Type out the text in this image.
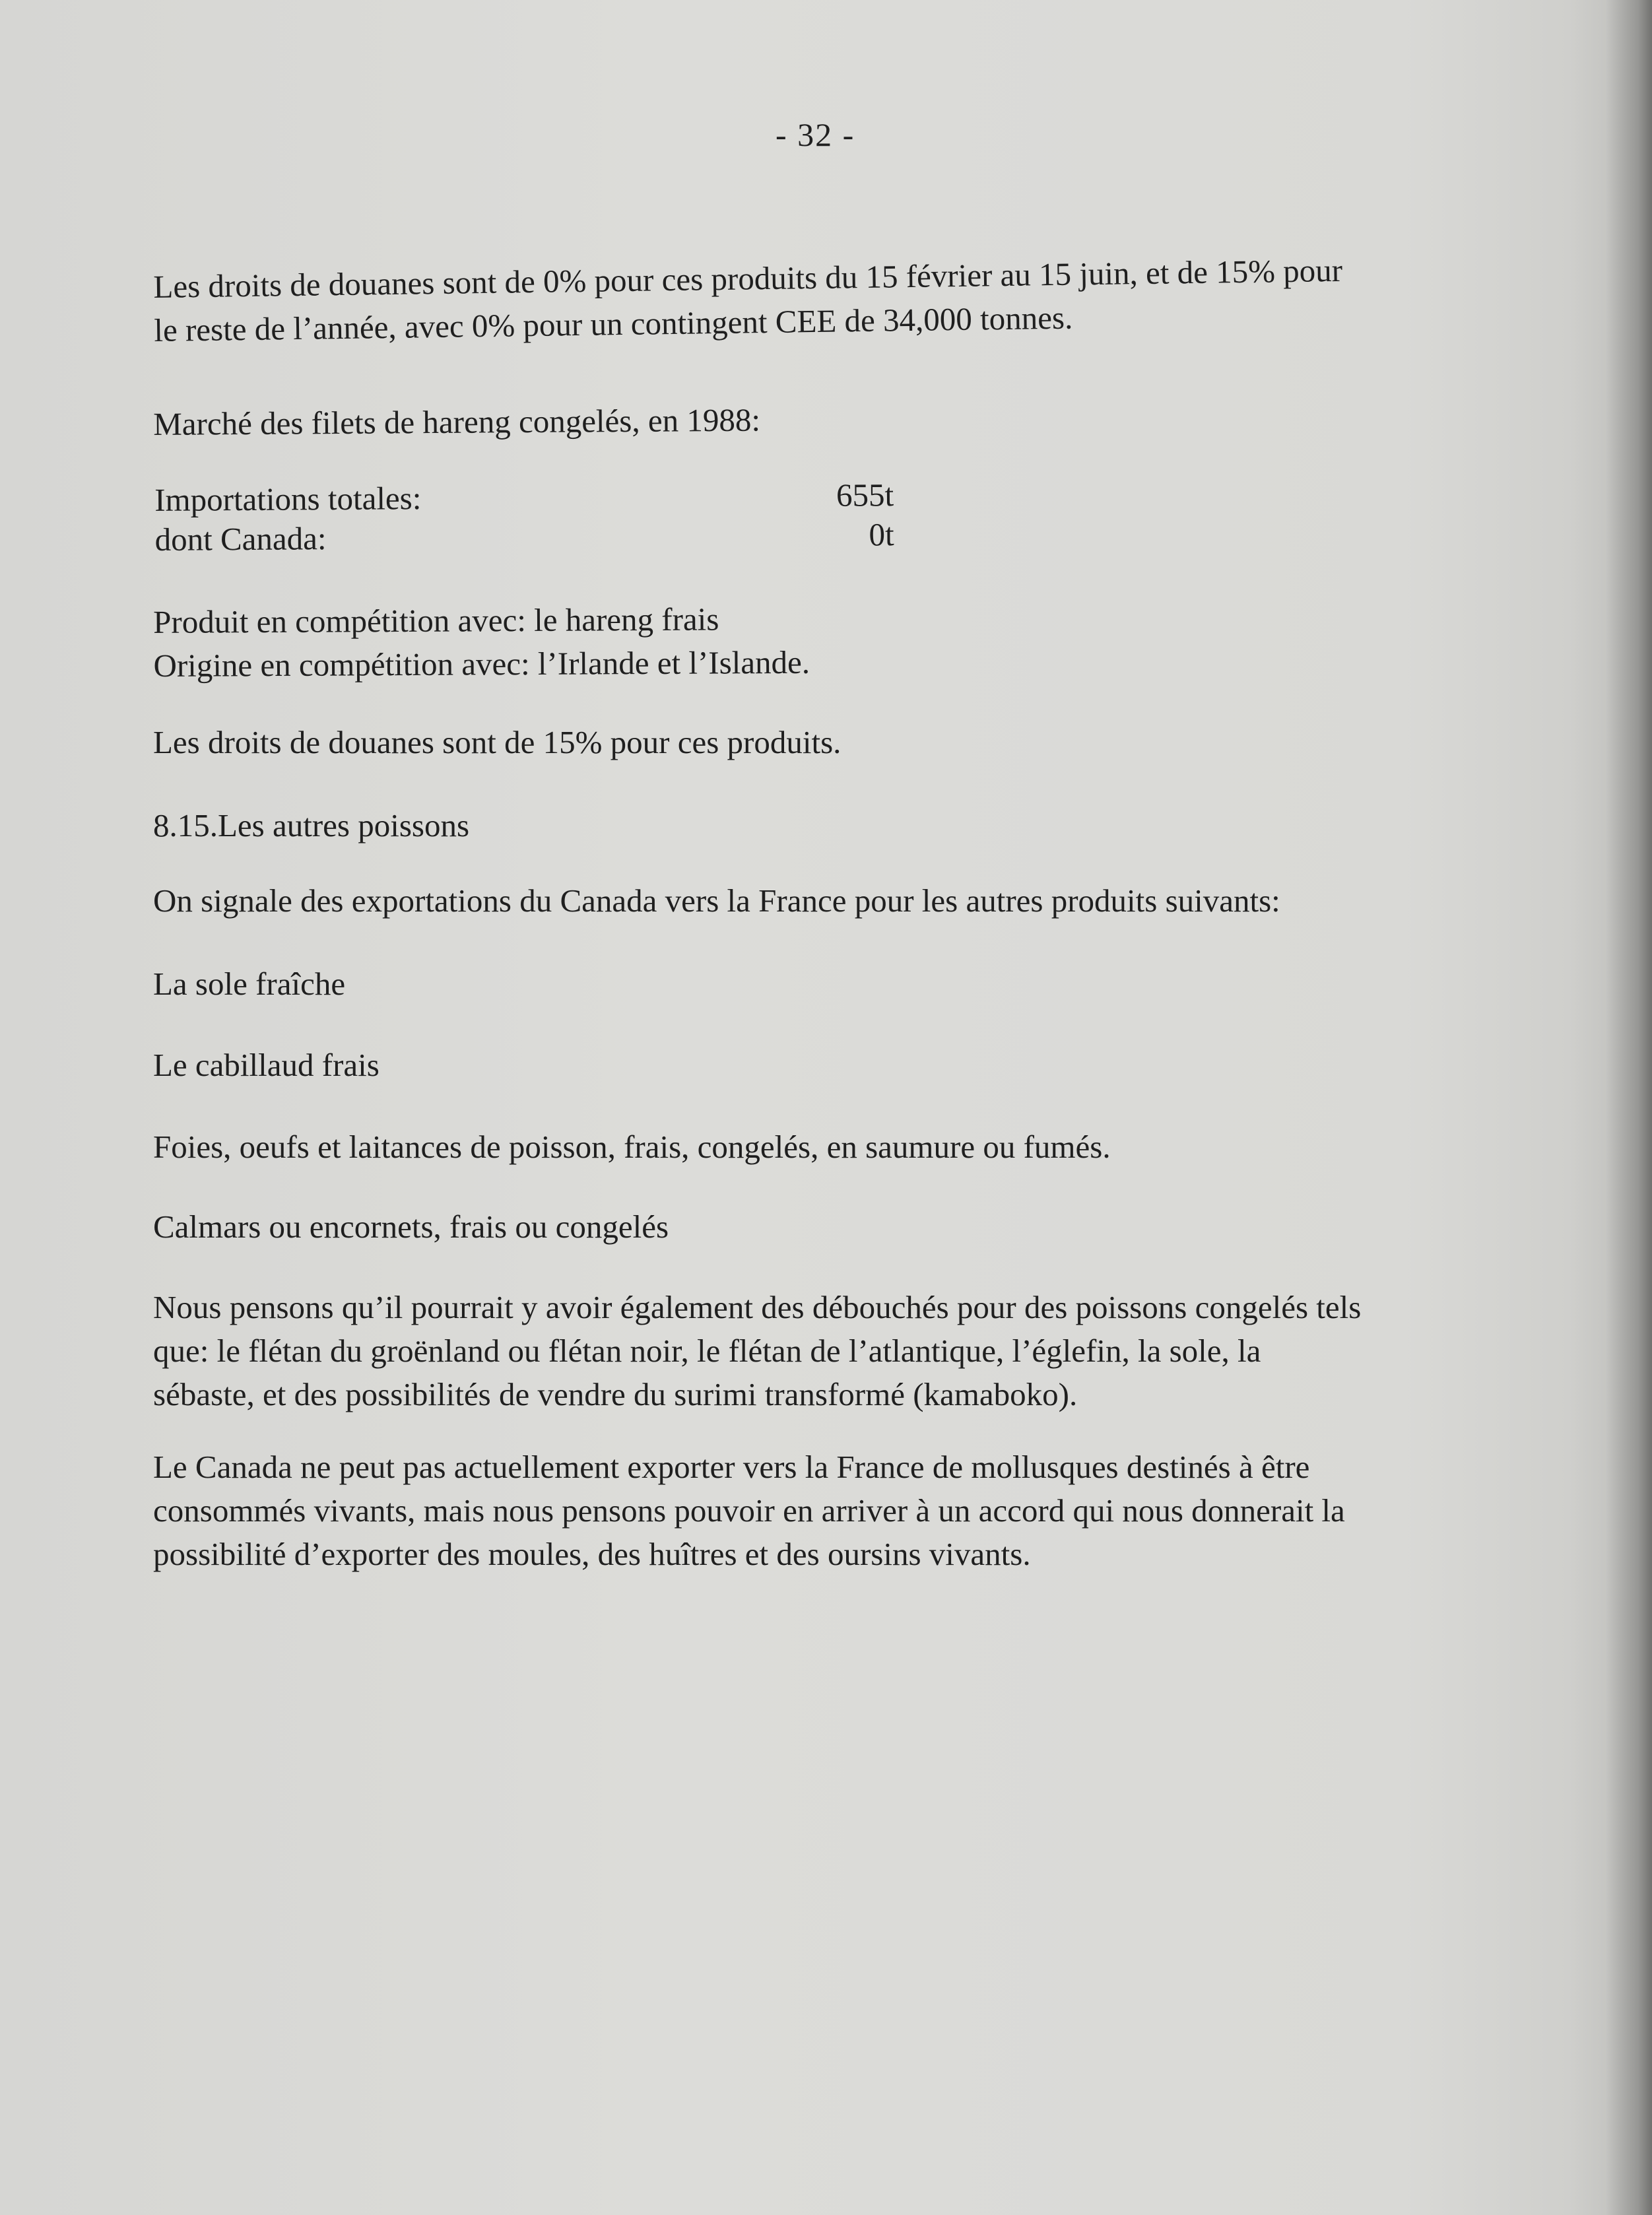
- 32 -
Les droits de douanes sont de 0% pour ces produits du 15 février au 15 juin, et de 15% pour
le reste de l’année, avec 0% pour un contingent CEE de 34,000 tonnes.
Marché des filets de hareng congelés, en 1988:
Importations totales:	655t
dont Canada:	0t
Produit en compétition avec: le hareng frais
Origine en compétition avec: l’Irlande et l’Islande.
Les droits de douanes sont de 15% pour ces produits.
8.15.Les autres poissons
On signale des exportations du Canada vers la France pour les autres produits suivants:
La sole fraîche
Le cabillaud frais
Foies, oeufs et laitances de poisson, frais, congelés, en saumure ou fumés.
Calmars ou encornets, frais ou congelés
Nous pensons qu’il pourrait y avoir également des débouchés pour des poissons congelés tels
que: le flétan du groënland ou flétan noir, le flétan de l’atlantique, l’églefin, la sole, la
sébaste, et des possibilités de vendre du surimi transformé (kamaboko).
Le Canada ne peut pas actuellement exporter vers la France de mollusques destinés à être
consommés vivants, mais nous pensons pouvoir en arriver à un accord qui nous donnerait la
possibilité d’exporter des moules, des huîtres et des oursins vivants.
